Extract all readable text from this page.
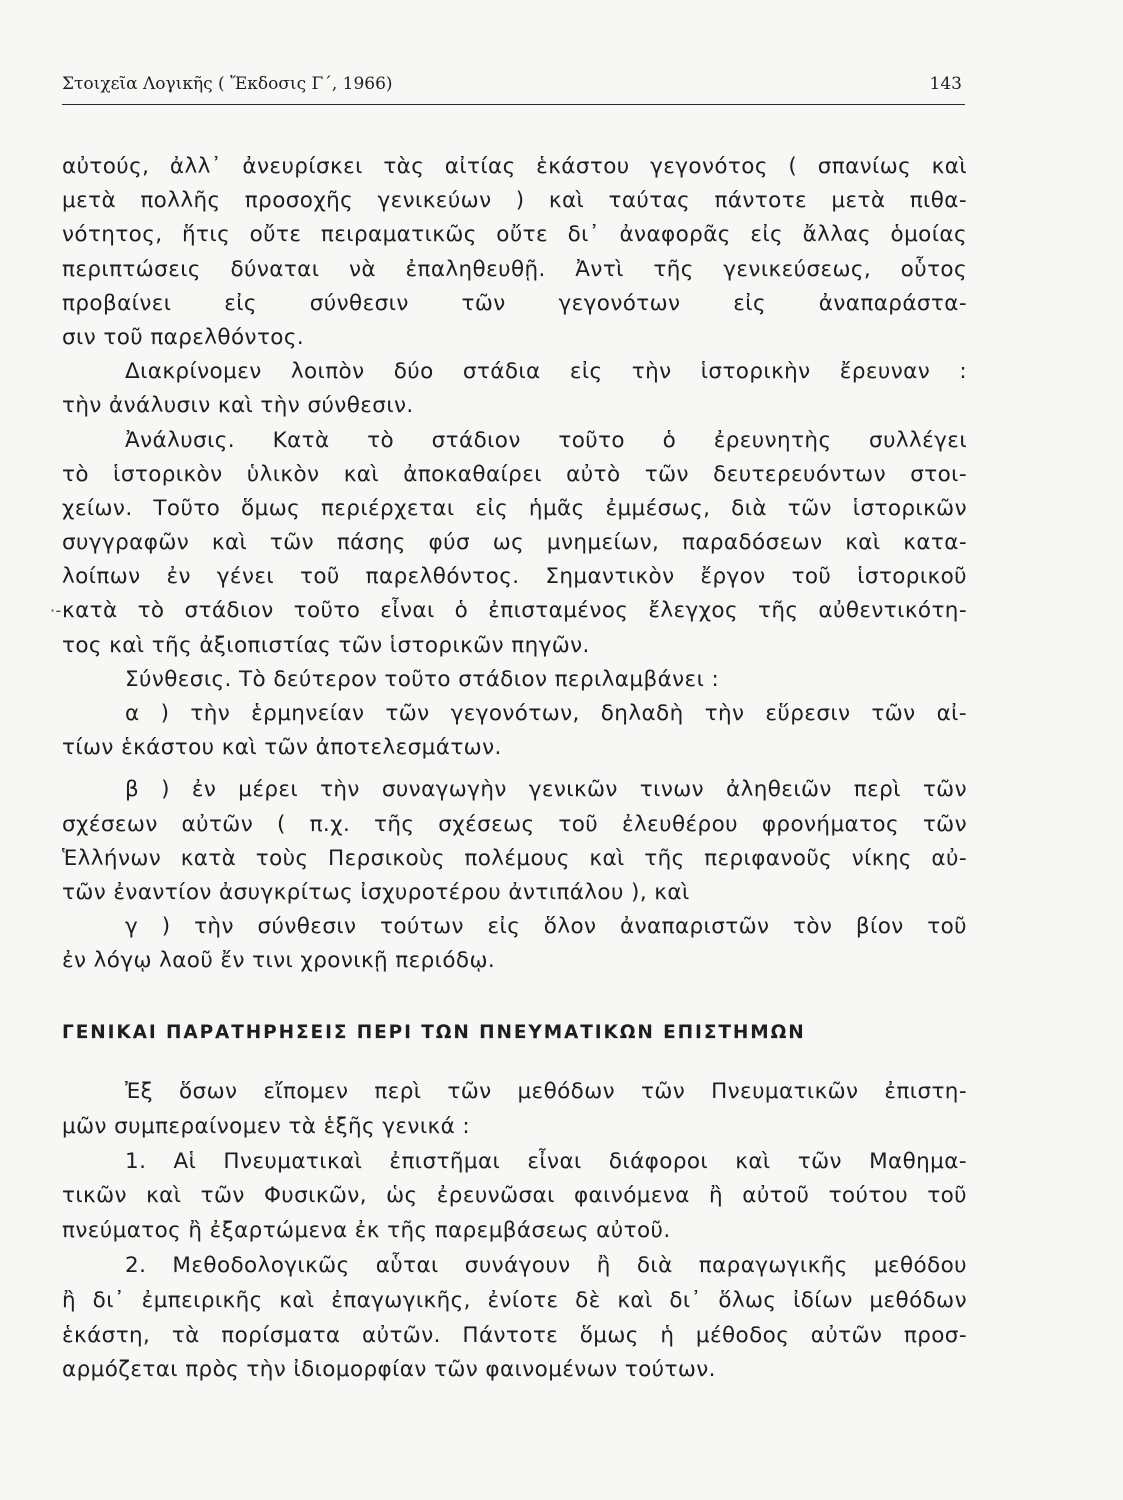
Στοιχεῖα Λογικῆς ( Ἔκδοσις Γ΄, 1966)	143
αὐτούς, ἀλλ᾿ ἀνευρίσκει τὰς αἰτίας ἑκάστου γεγονότος ( σπανίως καὶ
μετὰ πολλῆς προσοχῆς γενικεύων ) καὶ ταύτας πάντοτε μετὰ πιθα-
νότητος, ἥτις οὔτε πειραματικῶς οὔτε δι᾿ ἀναφορᾶς εἰς ἄλλας ὁμοίας
περιπτώσεις δύναται νὰ ἐπαληθευθῇ. Ἀντὶ τῆς γενικεύσεως, οὗτος
προβαίνει εἰς σύνθεσιν τῶν γεγονότων εἰς ἀναπαράστα-
σιν τοῦ παρελθόντος.
Διακρίνομεν λοιπὸν δύο στάδια εἰς τὴν ἱστορικὴν ἔρευναν :
τὴν ἀνάλυσιν καὶ τὴν σύνθεσιν.
Ἀνάλυσις. Κατὰ τὸ στάδιον τοῦτο ὁ ἐρευνητὴς συλλέγει
τὸ ἱστορικὸν ὑλικὸν καὶ ἀποκαθαίρει αὐτὸ τῶν δευτερευόντων στοι-
χείων. Τοῦτο ὅμως περιέρχεται εἰς ἡμᾶς ἐμμέσως, διὰ τῶν ἱστορικῶν
συγγραφῶν καὶ τῶν πάσης φύσ ως μνημείων, παραδόσεων καὶ κατα-
λοίπων ἐν γένει τοῦ παρελθόντος. Σημαντικὸν ἔργον τοῦ ἱστορικοῦ
·- κατὰ τὸ στάδιον τοῦτο εἶναι ὁ ἐπισταμένος ἔλεγχος τῆς αὐθεντικότη-
τος καὶ τῆς ἀξιοπιστίας τῶν ἱστορικῶν πηγῶν.
Σύνθεσις. Τὸ δεύτερον τοῦτο στάδιον περιλαμβάνει :
α ) τὴν ἑρμηνείαν τῶν γεγονότων, δηλαδὴ τὴν εὕρεσιν τῶν αἰ-
τίων ἑκάστου καὶ τῶν ἀποτελεσμάτων.
β ) ἐν μέρει τὴν συναγωγὴν γενικῶν τινων ἀληθειῶν περὶ τῶν
σχέσεων αὐτῶν ( π.χ. τῆς σχέσεως τοῦ ἐλευθέρου φρονήματος τῶν
Ἑλλήνων κατὰ τοὺς Περσικοὺς πολέμους καὶ τῆς περιφανοῦς νίκης αὐ-
τῶν ἐναντίον ἀσυγκρίτως ἰσχυροτέρου ἀντιπάλου ), καὶ
γ ) τὴν σύνθεσιν τούτων εἰς ὅλον ἀναπαριστῶν τὸν βίον τοῦ
ἐν λόγῳ λαοῦ ἔν τινι χρονικῇ περιόδῳ.
ΓΕΝΙΚΑΙ ΠΑΡΑΤΗΡΗΣΕΙΣ ΠΕΡΙ ΤΩΝ ΠΝΕΥΜΑΤΙΚΩΝ ΕΠΙΣΤΗΜΩΝ
Ἐξ ὅσων εἴπομεν περὶ τῶν μεθόδων τῶν Πνευματικῶν ἐπιστη-
μῶν συμπεραίνομεν τὰ ἑξῆς γενικά :
1. Αἱ Πνευματικαὶ ἐπιστῆμαι εἶναι διάφοροι καὶ τῶν Μαθημα-
τικῶν καὶ τῶν Φυσικῶν, ὡς ἐρευνῶσαι φαινόμενα ἢ αὐτοῦ τούτου τοῦ
πνεύματος ἢ ἐξαρτώμενα ἐκ τῆς παρεμβάσεως αὐτοῦ.
2. Μεθοδολογικῶς αὗται συνάγουν ἢ διὰ παραγωγικῆς μεθόδου
ἢ δι᾿ ἐμπειρικῆς καὶ ἐπαγωγικῆς, ἐνίοτε δὲ καὶ δι᾿ ὅλως ἰδίων μεθόδων
ἑκάστη, τὰ πορίσματα αὐτῶν. Πάντοτε ὅμως ἡ μέθοδος αὐτῶν προσ-
αρμόζεται πρὸς τὴν ἰδιομορφίαν τῶν φαινομένων τούτων.
